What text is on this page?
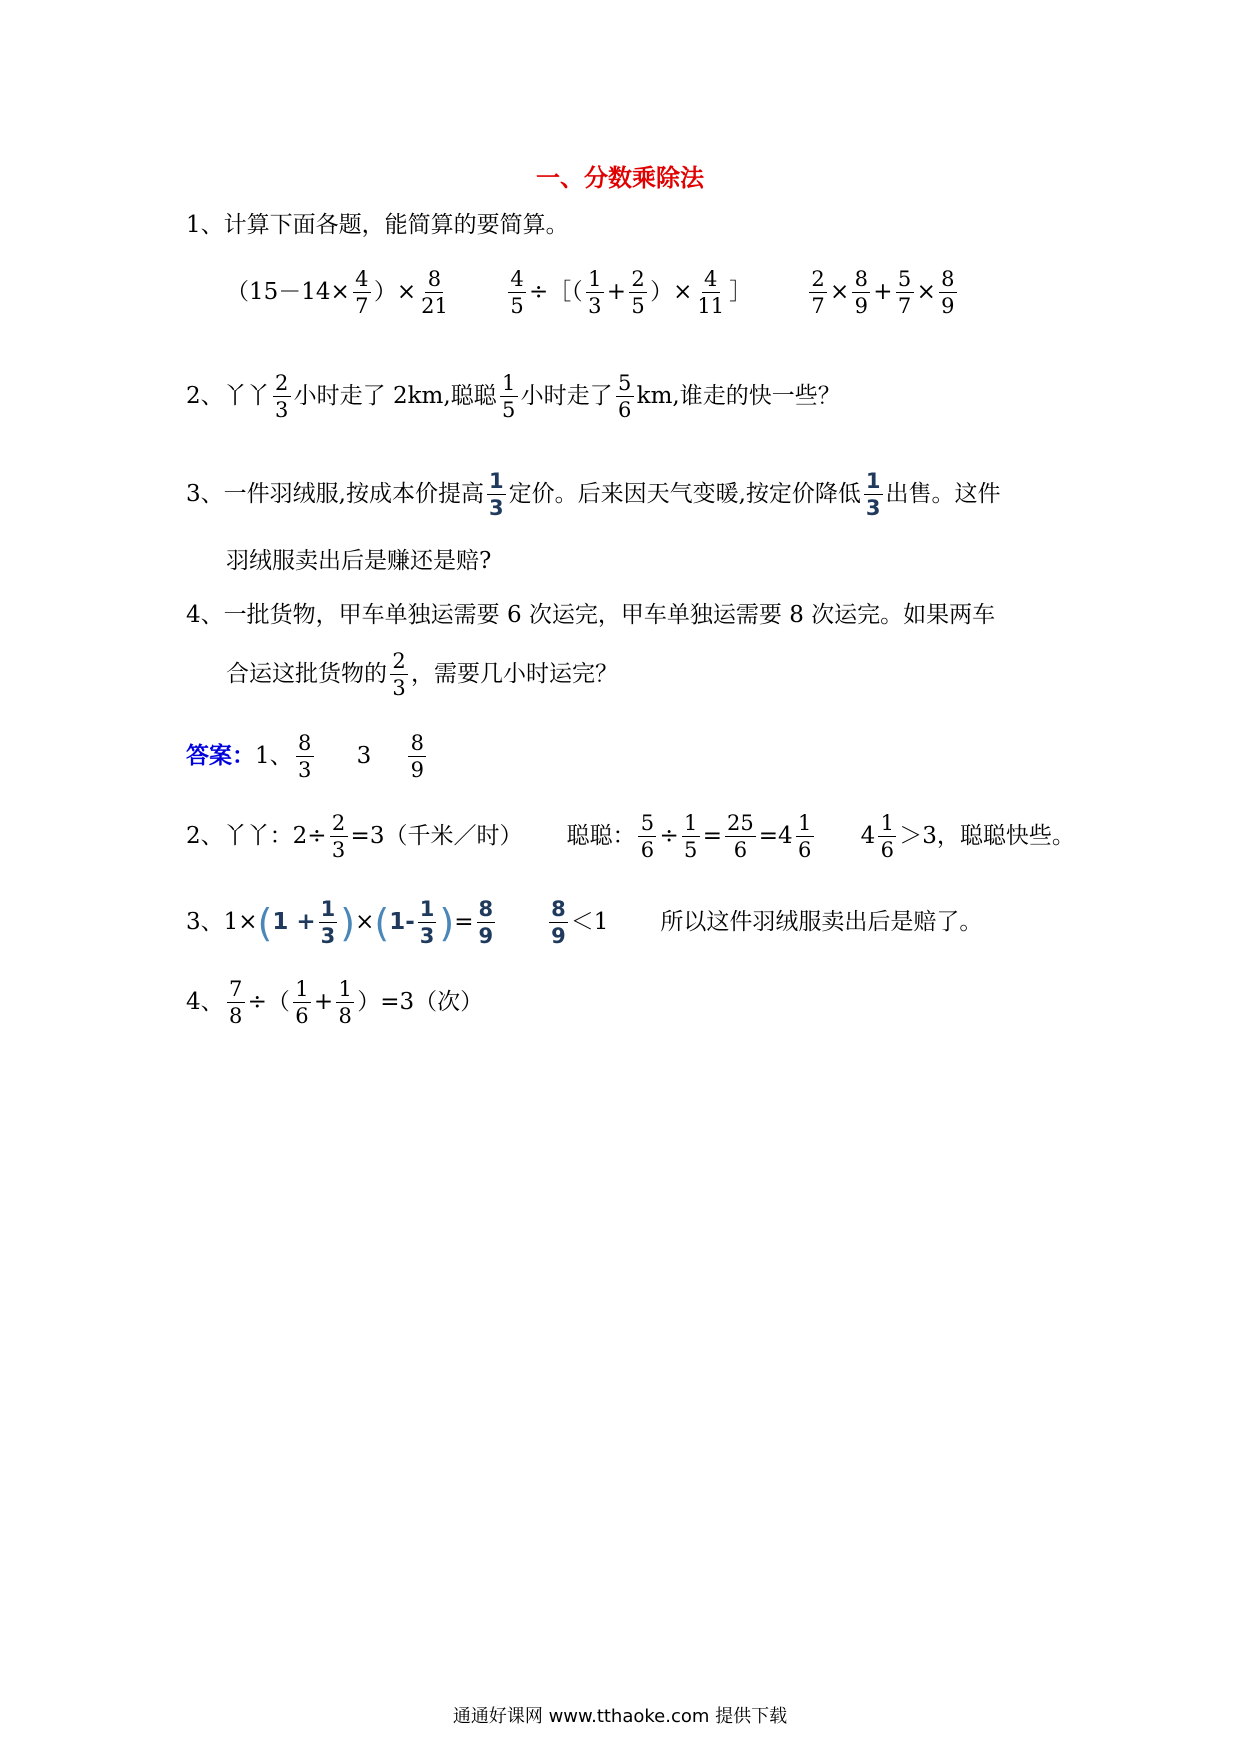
一、分数乘除法
1、计算下面各题，能简算的要简算。
（$15-14\times \frac{4}{7}$ ）× $\frac{8}{21}$	$\frac{4}{5}$ ÷［（ $\frac{1}{3} + \frac{2}{5}$ ）× $\frac{4}{11}$ ］	$\frac{2}{7} \times \frac{8}{9} + \frac{5}{7} \times \frac{8}{9}$
2、丫丫 $\frac{2}{3}$ 小时走了 2km,聪聪 $\frac{1}{5}$ 小时走了 $\frac{5}{6}$ km,谁走的快一些？
3、一件羽绒服,按成本价提高 $\frac{1}{3}$ 定价。后来因天气变暖,按定价降低 $\frac{1}{3}$ 出售。这件
羽绒服卖出后是赚还是赔?
4、一批货物，甲车单独运需要 6 次运完，甲车单独运需要 8 次运完。如果两车
合运这批货物的 $\frac{2}{3}$ ，需要几小时运完？
答案： 1、 $\frac{8}{3} 3 \frac{8}{9}$
2、丫丫：$2\div \frac{2}{3} =3$（千米／时） 聪聪： $\frac{5}{6} \div \frac{1}{5} = \frac{25}{6} =4 \frac{1}{6} 4 \frac{1}{6} >3$，聪聪快些。
3、1× ( $1 + \frac{1}{3}$ ) × ( $1- \frac{1}{3}$ ) = $\frac{8}{9}$	$\frac{8}{9} <1$ 所以这件羽绒服卖出后是赔了。
4、 $\frac{7}{8}$ ÷（ $\frac{1}{6} + \frac{1}{8} )=3$（次）
通通好课网 www.tthaoke.com 提供下载
